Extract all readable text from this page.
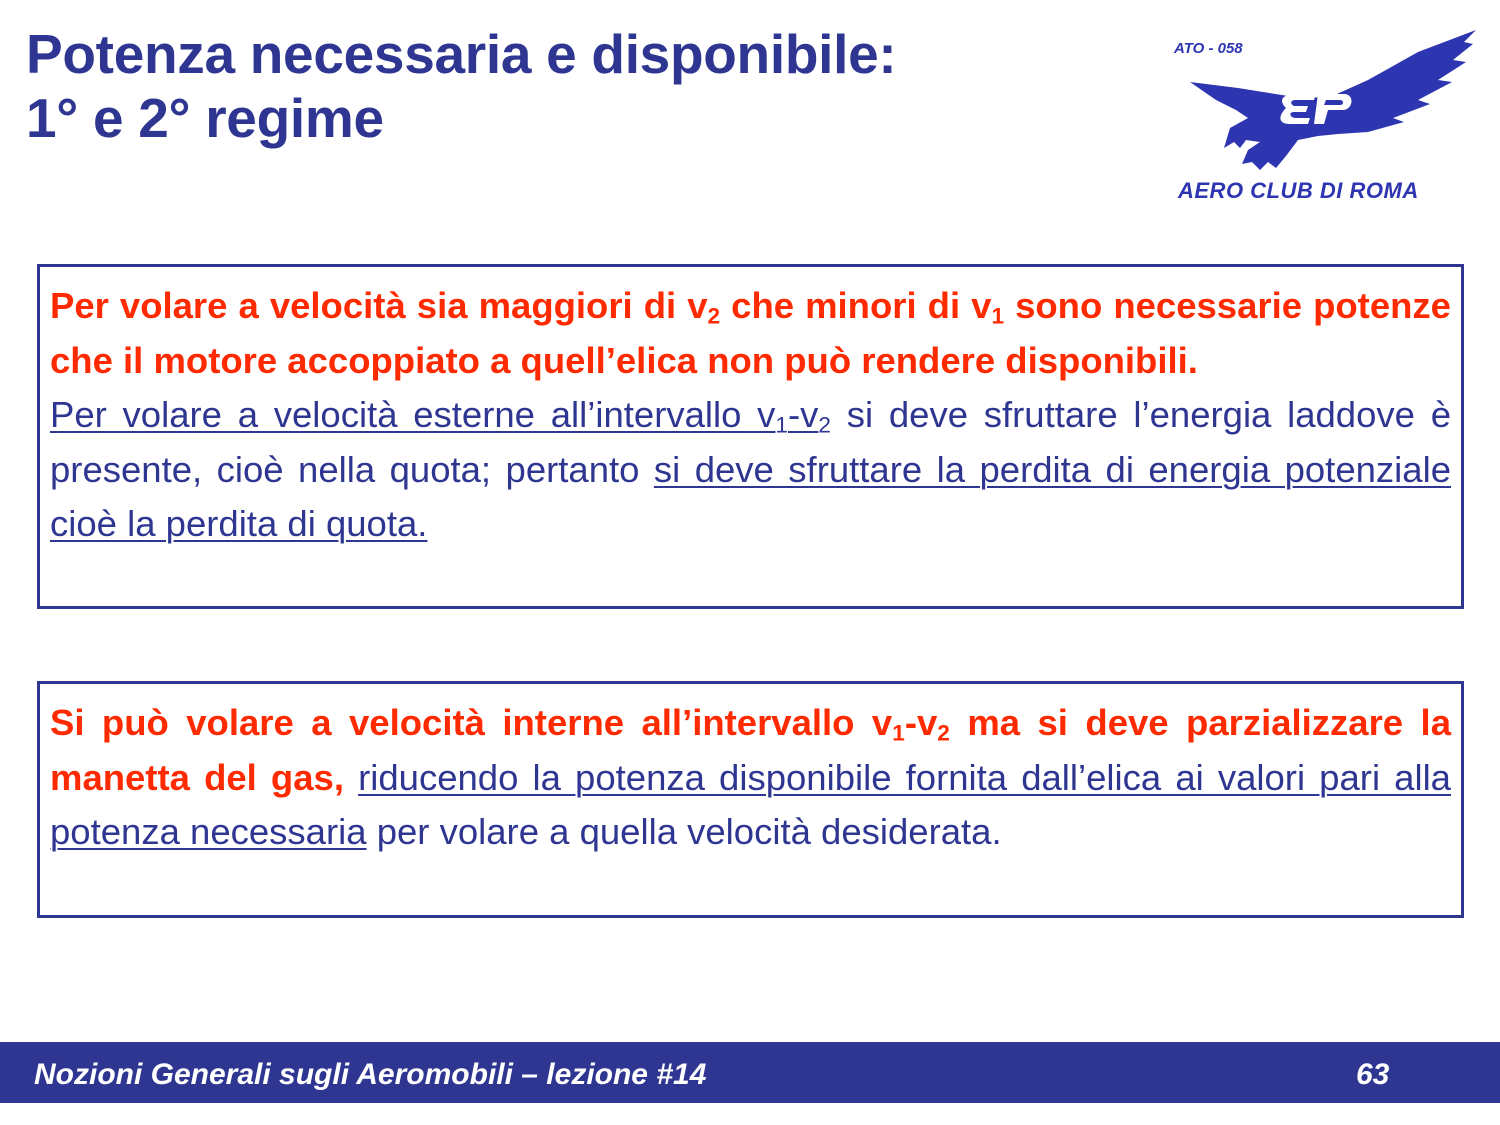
Potenza necessaria e disponibile:
1° e 2° regime
ATO - 058
AERO CLUB DI ROMA
Per volare a velocità sia maggiori di $v_2$ che minori di $v_1$ sono necessarie potenze che il motore accoppiato a quell’elica non può rendere disponibili.
Per volare a velocità esterne all’intervallo $v_1-v_2$ si deve sfruttare l’energia laddove è presente, cioè nella quota; pertanto si deve sfruttare la perdita di energia potenziale cioè la perdita di quota.
Si può volare a velocità interne all’intervallo $v_1-v_2$ ma si deve parzializzare la manetta del gas, riducendo la potenza disponibile fornita dall’elica ai valori pari alla potenza necessaria per volare a quella velocità desiderata.
Nozioni Generali sugli Aeromobili – lezione #14	63
